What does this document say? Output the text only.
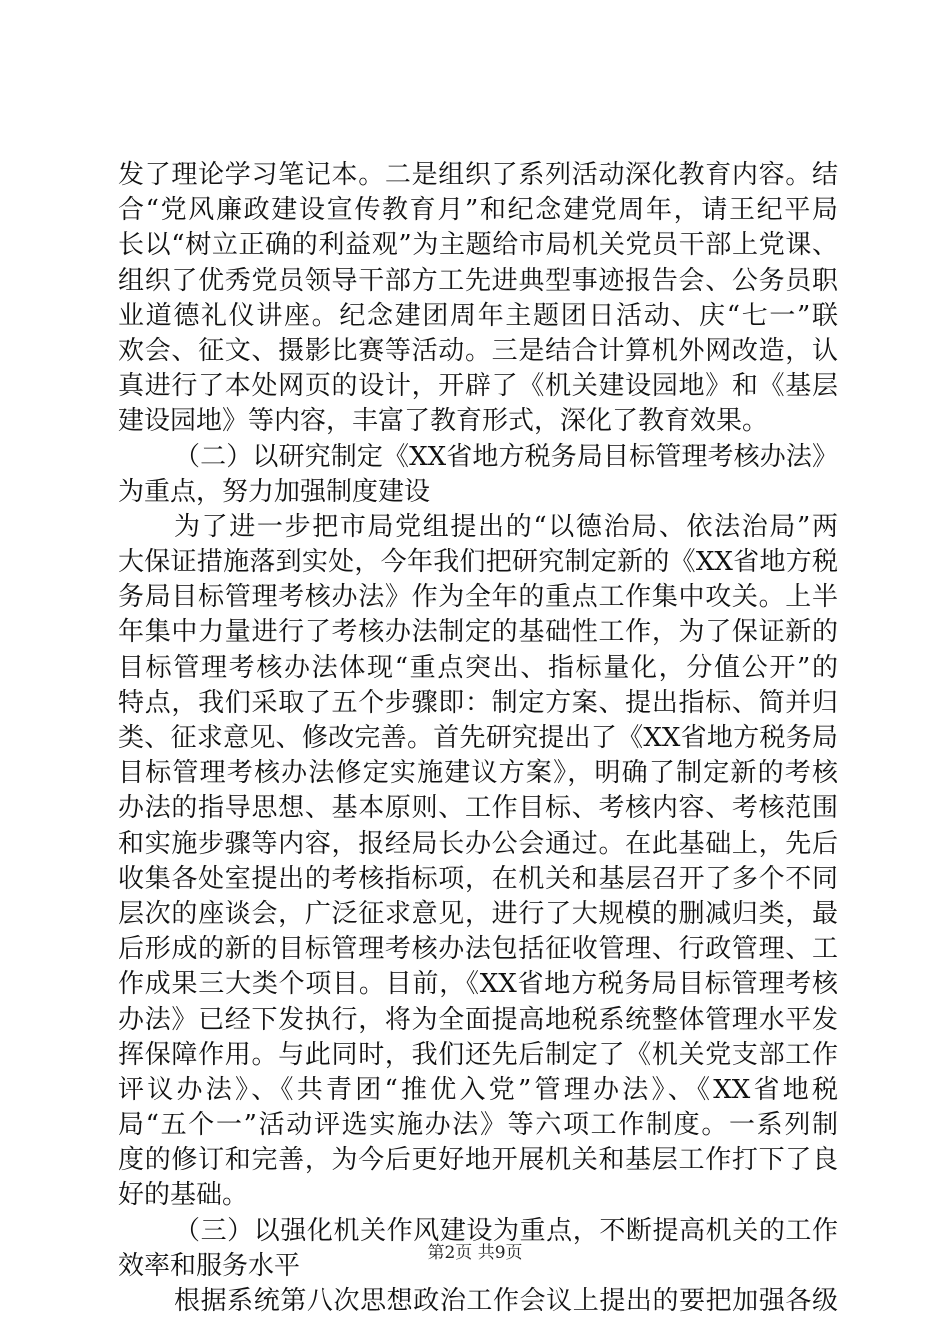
发了理论学习笔记本。二是组织了系列活动深化教育内容。结
合“党风廉政建设宣传教育月”和纪念建党周年，请王纪平局
长以“树立正确的利益观”为主题给市局机关党员干部上党课、
组织了优秀党员领导干部方工先进典型事迹报告会、公务员职
业道德礼仪讲座。纪念建团周年主题团日活动、庆“七一”联
欢会、征文、摄影比赛等活动。三是结合计算机外网改造，认
真进行了本处网页的设计，开辟了《机关建设园地》和《基层
建设园地》等内容，丰富了教育形式，深化了教育效果。
（二）以研究制定《XX省地方税务局目标管理考核办法》
为重点，努力加强制度建设
为了进一步把市局党组提出的“以德治局、依法治局”两
大保证措施落到实处，今年我们把研究制定新的《XX省地方税
务局目标管理考核办法》作为全年的重点工作集中攻关。上半
年集中力量进行了考核办法制定的基础性工作，为了保证新的
目标管理考核办法体现“重点突出、指标量化，分值公开”的
特点，我们采取了五个步骤即：制定方案、提出指标、简并归
类、征求意见、修改完善。首先研究提出了《XX省地方税务局
目标管理考核办法修定实施建议方案》，明确了制定新的考核
办法的指导思想、基本原则、工作目标、考核内容、考核范围
和实施步骤等内容，报经局长办公会通过。在此基础上，先后
收集各处室提出的考核指标项，在机关和基层召开了多个不同
层次的座谈会，广泛征求意见，进行了大规模的删减归类，最
后形成的新的目标管理考核办法包括征收管理、行政管理、工
作成果三大类个项目。目前，《XX省地方税务局目标管理考核
办法》已经下发执行，将为全面提高地税系统整体管理水平发
挥保障作用。与此同时，我们还先后制定了《机关党支部工作
评议办法》、《共青团“推优入党”管理办法》、《XX省地税
局“五个一”活动评选实施办法》等六项工作制度。一系列制
度的修订和完善，为今后更好地开展机关和基层工作打下了良
好的基础。
（三）以强化机关作风建设为重点，不断提高机关的工作
效率和服务水平
根据系统第八次思想政治工作会议上提出的要把加强各级
第2页 共9页
